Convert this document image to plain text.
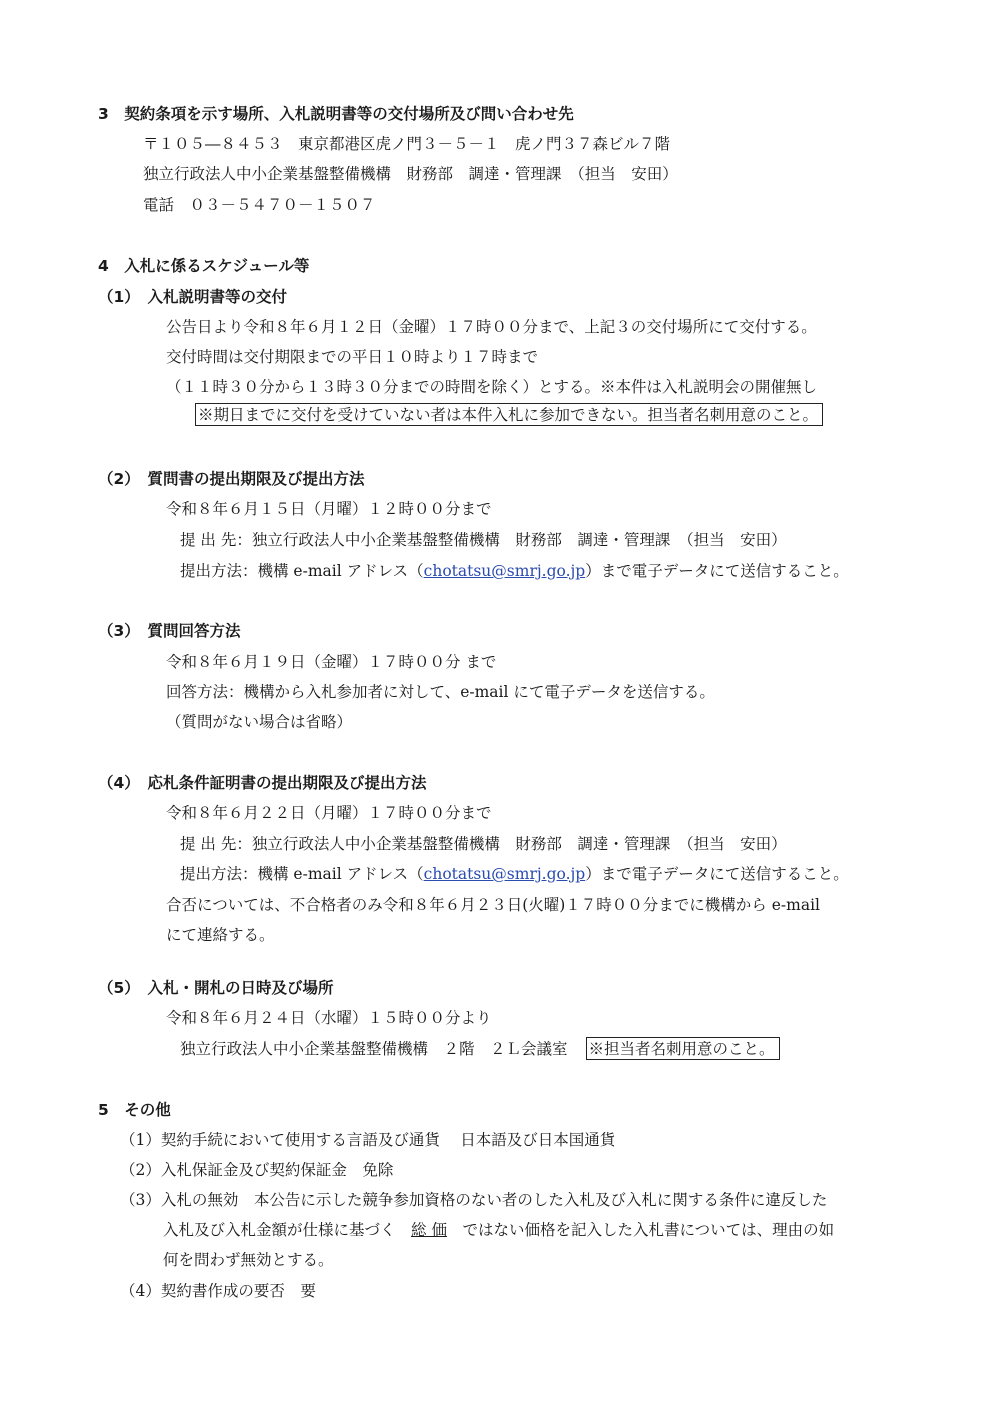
3　契約条項を示す場所、入札説明書等の交付場所及び問い合わせ先
〒１０５―８４５３　東京都港区虎ノ門３－５－１　虎ノ門３７森ビル７階
独立行政法人中小企業基盤整備機構　財務部　調達・管理課　（担当　安田）
電話　０３－５４７０－１５０７
4　入札に係るスケジュール等
（1）　入札説明書等の交付
公告日より令和８年６月１２日（金曜）１７時００分まで、上記３の交付場所にて交付する。
交付時間は交付期限までの平日１０時より１７時まで
（１１時３０分から１３時３０分までの時間を除く）とする。※本件は入札説明会の開催無し
※期日までに交付を受けていない者は本件入札に参加できない。担当者名刺用意のこと。
（2）　質問書の提出期限及び提出方法
令和８年６月１５日（月曜）１２時００分まで
提 出 先：独立行政法人中小企業基盤整備機構　財務部　調達・管理課　（担当　安田）
提出方法：機構 e-mail アドレス（chotatsu@smrj.go.jp）まで電子データにて送信すること。
（3）　質問回答方法
令和８年６月１９日（金曜）１７時００分 まで
回答方法：機構から入札参加者に対して、e-mail にて電子データを送信する。
（質問がない場合は省略）
（4）　応札条件証明書の提出期限及び提出方法
令和８年６月２２日（月曜）１７時００分まで
提 出 先：独立行政法人中小企業基盤整備機構　財務部　調達・管理課　（担当　安田）
提出方法：機構 e-mail アドレス（chotatsu@smrj.go.jp）まで電子データにて送信すること。
合否については、不合格者のみ令和８年６月２３日(火曜)１７時００分までに機構から e-mail
にて連絡する。
（5）　入札・開札の日時及び場所
令和８年６月２４日（水曜）１５時００分より
独立行政法人中小企業基盤整備機構　２階　２Ｌ会議室 ※担当者名刺用意のこと。
5　その他
（1）契約手続において使用する言語及び通貨　 日本語及び日本国通貨
（2）入札保証金及び契約保証金　免除
（3）入札の無効　本公告に示した競争参加資格のない者のした入札及び入札に関する条件に違反した
入札及び入札金額が仕様に基づく　総 価　ではない価格を記入した入札書については、理由の如
何を問わず無効とする。
（4）契約書作成の要否　要
